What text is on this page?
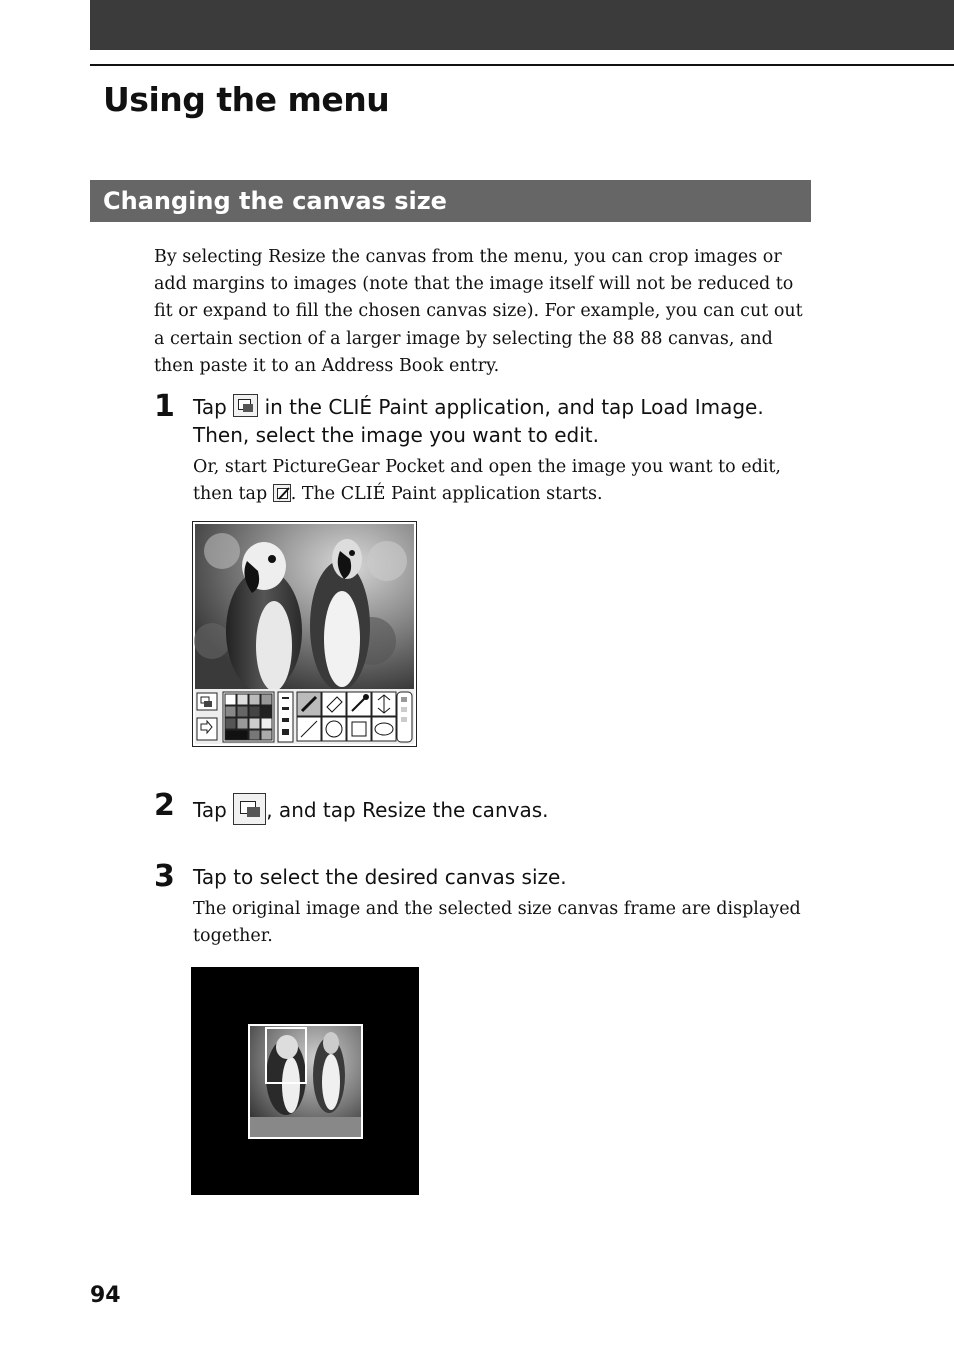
Using the menu
Changing the canvas size

By selecting Resize the canvas from the menu, you can crop images or add margins to images (note that the image itself will not be reduced to fit or expand to fill the chosen canvas size). For example, you can cut out a certain section of a larger image by selecting the 88 88 canvas, and then paste it to an Address Book entry.

1 Tap
in the CLIÉ Paint application, and tap Load Image. Then, select the image you want to edit.

Or, start PictureGear Pocket and open the image you want to edit, then tap
. The CLIÉ Paint application starts.

2 Tap , and tap Resize the canvas.

3 Tap to select the desired canvas size.

The original image and the selected size canvas frame are displayed together.

94
